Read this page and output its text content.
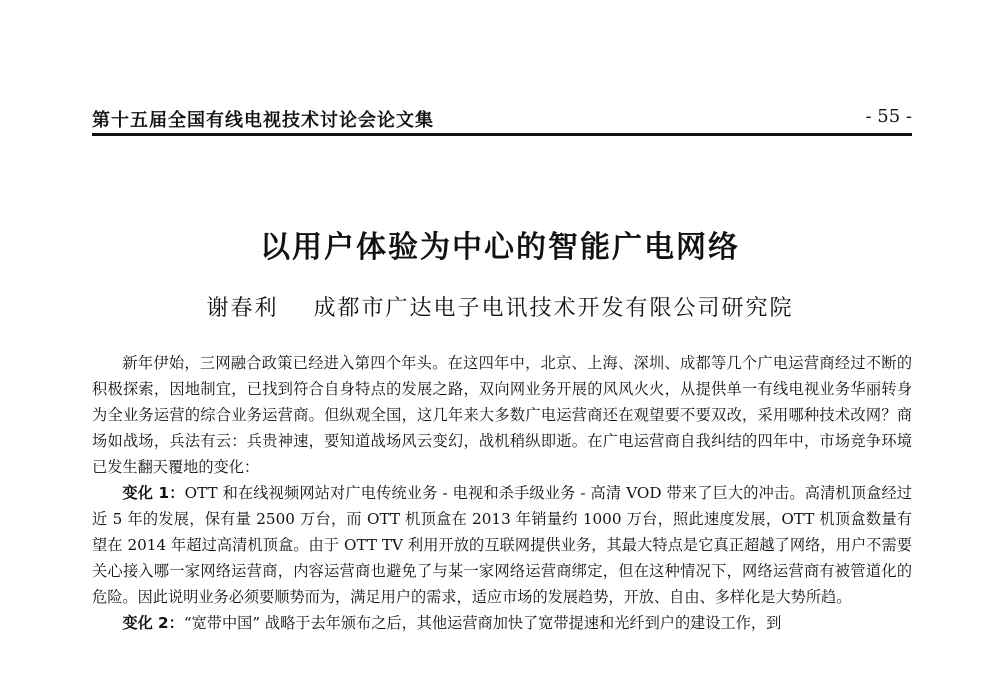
第十五届全国有线电视技术讨论会论文集	- 55 -
以用户体验为中心的智能广电网络
谢春利 成都市广达电子电讯技术开发有限公司研究院

新年伊始，三网融合政策已经进入第四个年头。在这四年中，北京、上海、深圳、成都等几个广电运营商经过不断的积极探索，因地制宜，已找到符合自身特点的发展之路，双向网业务开展的风风火火，从提供单一有线电视业务华丽转身为全业务运营的综合业务运营商。但纵观全国，这几年来大多数广电运营商还在观望要不要双改，采用哪种技术改网？商场如战场，兵法有云：兵贵神速，要知道战场风云变幻，战机稍纵即逝。在广电运营商自我纠结的四年中，市场竞争环境已发生翻天覆地的变化：

变化 1：OTT 和在线视频网站对广电传统业务 - 电视和杀手级业务 - 高清 VOD 带来了巨大的冲击。高清机顶盒经过近 5 年的发展，保有量 2500 万台，而 OTT 机顶盒在 2013 年销量约 1000 万台，照此速度发展，OTT 机顶盒数量有望在 2014 年超过高清机顶盒。由于 OTT TV 利用开放的互联网提供业务，其最大特点是它真正超越了网络，用户不需要关心接入哪一家网络运营商，内容运营商也避免了与某一家网络运营商绑定，但在这种情况下，网络运营商有被管道化的危险。因此说明业务必须要顺势而为，满足用户的需求，适应市场的发展趋势，开放、自由、多样化是大势所趋。

变化 2：“宽带中国” 战略于去年颁布之后，其他运营商加快了宽带提速和光纤到户的建设工作，到
